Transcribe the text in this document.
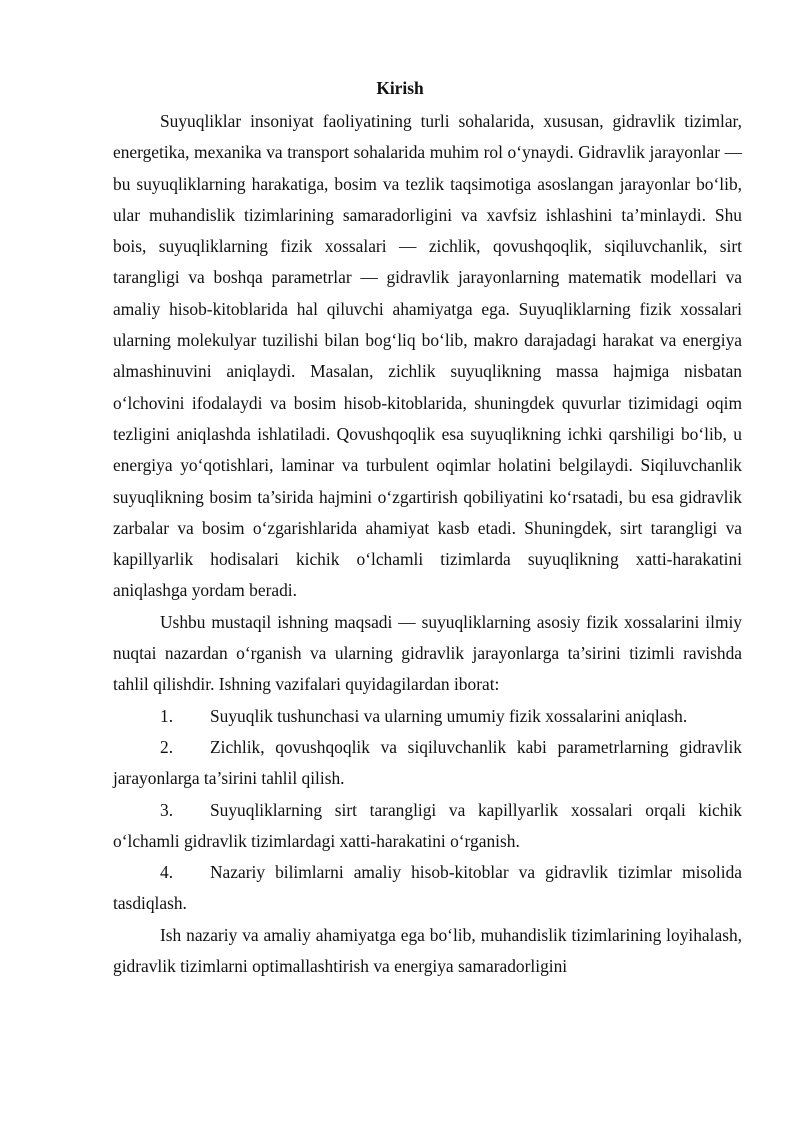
Kirish

Suyuqliklar insoniyat faoliyatining turli sohalarida, xususan, gidravlik tizimlar, energetika, mexanika va transport sohalarida muhim rol o‘ynaydi. Gidravlik jarayonlar — bu suyuqliklarning harakatiga, bosim va tezlik taqsimotiga asoslangan jarayonlar bo‘lib, ular muhandislik tizimlarining samaradorligini va xavfsiz ishlashini ta’minlaydi. Shu bois, suyuqliklarning fizik xossalari — zichlik, qovushqoqlik, siqiluvchanlik, sirt tarangligi va boshqa parametrlar — gidravlik jarayonlarning matematik modellari va amaliy hisob-kitoblarida hal qiluvchi ahamiyatga ega. Suyuqliklarning fizik xossalari ularning molekulyar tuzilishi bilan bog‘liq bo‘lib, makro darajadagi harakat va energiya almashinuvini aniqlaydi. Masalan, zichlik suyuqlikning massa hajmiga nisbatan o‘lchovini ifodalaydi va bosim hisob-kitoblarida, shuningdek quvurlar tizimidagi oqim tezligini aniqlashda ishlatiladi. Qovushqoqlik esa suyuqlikning ichki qarshiligi bo‘lib, u energiya yo‘qotishlari, laminar va turbulent oqimlar holatini belgilaydi. Siqiluvchanlik suyuqlikning bosim ta’sirida hajmini o‘zgartirish qobiliyatini ko‘rsatadi, bu esa gidravlik zarbalar va bosim o‘zgarishlarida ahamiyat kasb etadi. Shuningdek, sirt tarangligi va kapillyarlik hodisalari kichik o‘lchamli tizimlarda suyuqlikning xatti-harakatini aniqlashga yordam beradi.

Ushbu mustaqil ishning maqsadi — suyuqliklarning asosiy fizik xossalarini ilmiy nuqtai nazardan o‘rganish va ularning gidravlik jarayonlarga ta’sirini tizimli ravishda tahlil qilishdir. Ishning vazifalari quyidagilardan iborat:

1. Suyuqlik tushunchasi va ularning umumiy fizik xossalarini aniqlash.

2. Zichlik, qovushqoqlik va siqiluvchanlik kabi parametrlarning gidravlik jarayonlarga ta’sirini tahlil qilish.

3. Suyuqliklarning sirt tarangligi va kapillyarlik xossalari orqali kichik o‘lchamli gidravlik tizimlardagi xatti-harakatini o‘rganish.

4. Nazariy bilimlarni amaliy hisob-kitoblar va gidravlik tizimlar misolida tasdiqlash.

Ish nazariy va amaliy ahamiyatga ega bo‘lib, muhandislik tizimlarining loyihalash, gidravlik tizimlarni optimallashtirish va energiya samaradorligini
